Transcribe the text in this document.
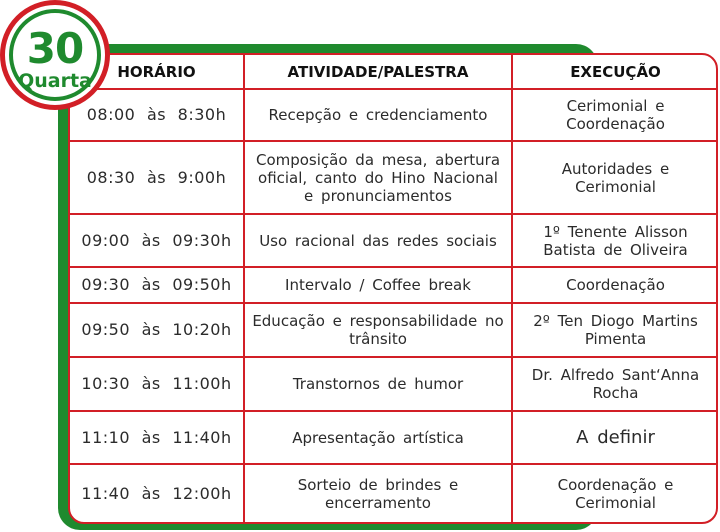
HORÁRIO	ATIVIDADE/PALESTRA	EXECUÇÃO
08:00 às 8:30h	Recepção e credenciamento	Cerimonial e Coordenação
08:30 às 9:00h	Composição da mesa, abertura oficial, canto do Hino Nacional e pronunciamentos	Autoridades e Cerimonial
09:00 às 09:30h	Uso racional das redes sociais	1º Tenente Alisson Batista de Oliveira
09:30 às 09:50h	Intervalo / Coffee break	Coordenação
09:50 às 10:20h	Educação e responsabilidade no trânsito	2º Ten Diogo Martins Pimenta
10:30 às 11:00h	Transtornos de humor	Dr. Alfredo Sant‘Anna Rocha
11:10 às 11:40h	Apresentação artística	A definir
11:40 às 12:00h	Sorteio de brindes e encerramento	Coordenação e Cerimonial
30
Quarta
